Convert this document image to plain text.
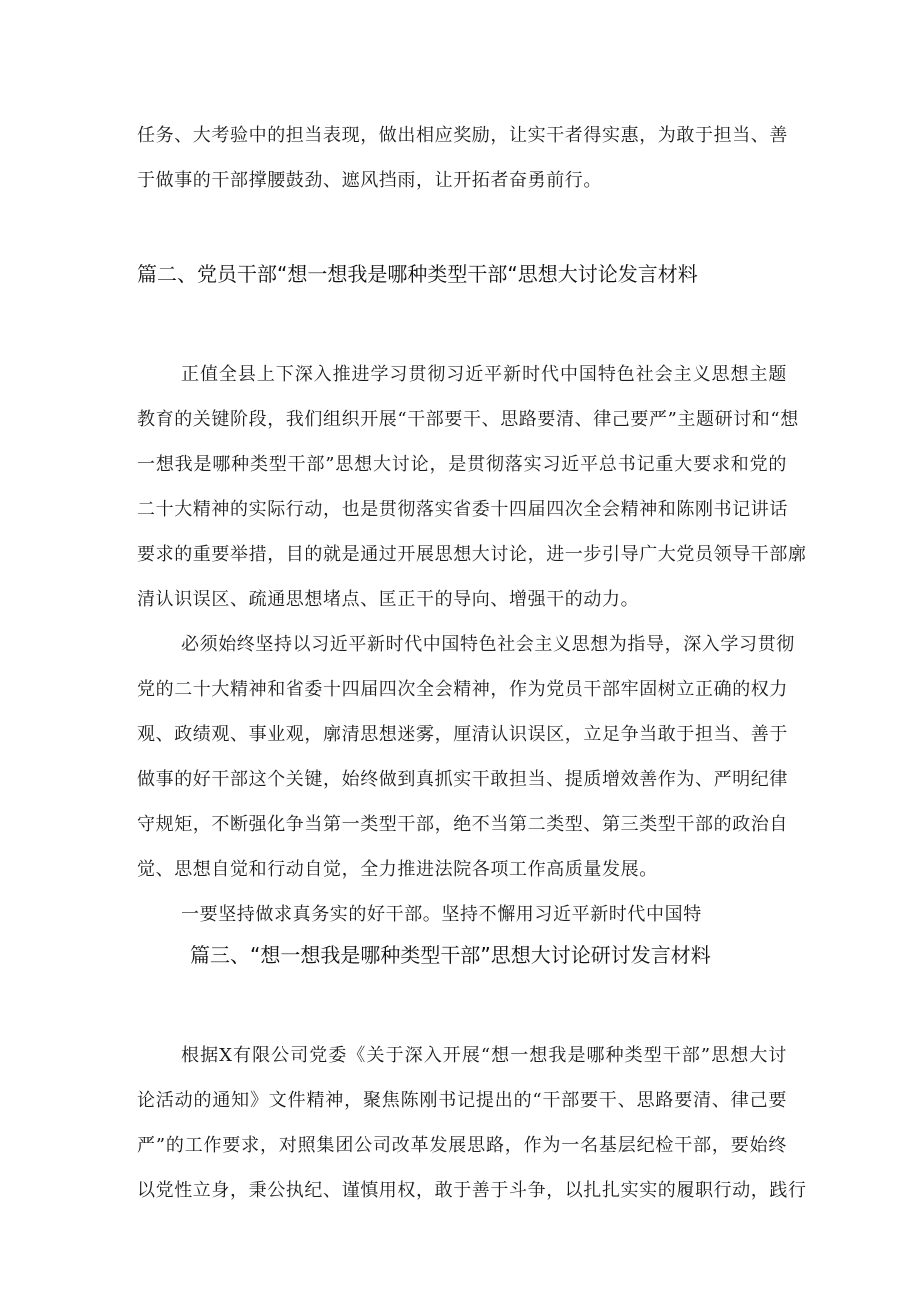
任务、大考验中的担当表现，做出相应奖励，让实干者得实惠，为敢于担当、善
于做事的干部撑腰鼓劲、遮风挡雨，让开拓者奋勇前行。
篇二、党员干部“想一想我是哪种类型干部“思想大讨论发言材料
正值全县上下深入推进学习贯彻习近平新时代中国特色社会主义思想主题
教育的关键阶段，我们组织开展“干部要干、思路要清、律己要严”主题研讨和“想
一想我是哪种类型干部”思想大讨论，是贯彻落实习近平总书记重大要求和党的
二十大精神的实际行动，也是贯彻落实省委十四届四次全会精神和陈刚书记讲话
要求的重要举措，目的就是通过开展思想大讨论，进一步引导广大党员领导干部廓
清认识误区、疏通思想堵点、匡正干的导向、增强干的动力。
必须始终坚持以习近平新时代中国特色社会主义思想为指导，深入学习贯彻
党的二十大精神和省委十四届四次全会精神，作为党员干部牢固树立正确的权力
观、政绩观、事业观，廓清思想迷雾，厘清认识误区，立足争当敢于担当、善于
做事的好干部这个关键，始终做到真抓实干敢担当、提质增效善作为、严明纪律
守规矩，不断强化争当第一类型干部，绝不当第二类型、第三类型干部的政治自
觉、思想自觉和行动自觉，全力推进法院各项工作高质量发展。
一要坚持做求真务实的好干部。坚持不懈用习近平新时代中国特
篇三、“想一想我是哪种类型干部”思想大讨论研讨发言材料
根据X有限公司党委《关于深入开展“想一想我是哪种类型干部”思想大讨
论活动的通知》文件精神，聚焦陈刚书记提出的“干部要干、思路要清、律己要
严”的工作要求，对照集团公司改革发展思路，作为一名基层纪检干部，要始终
以党性立身，秉公执纪、谨慎用权，敢于善于斗争，以扎扎实实的履职行动，践行
